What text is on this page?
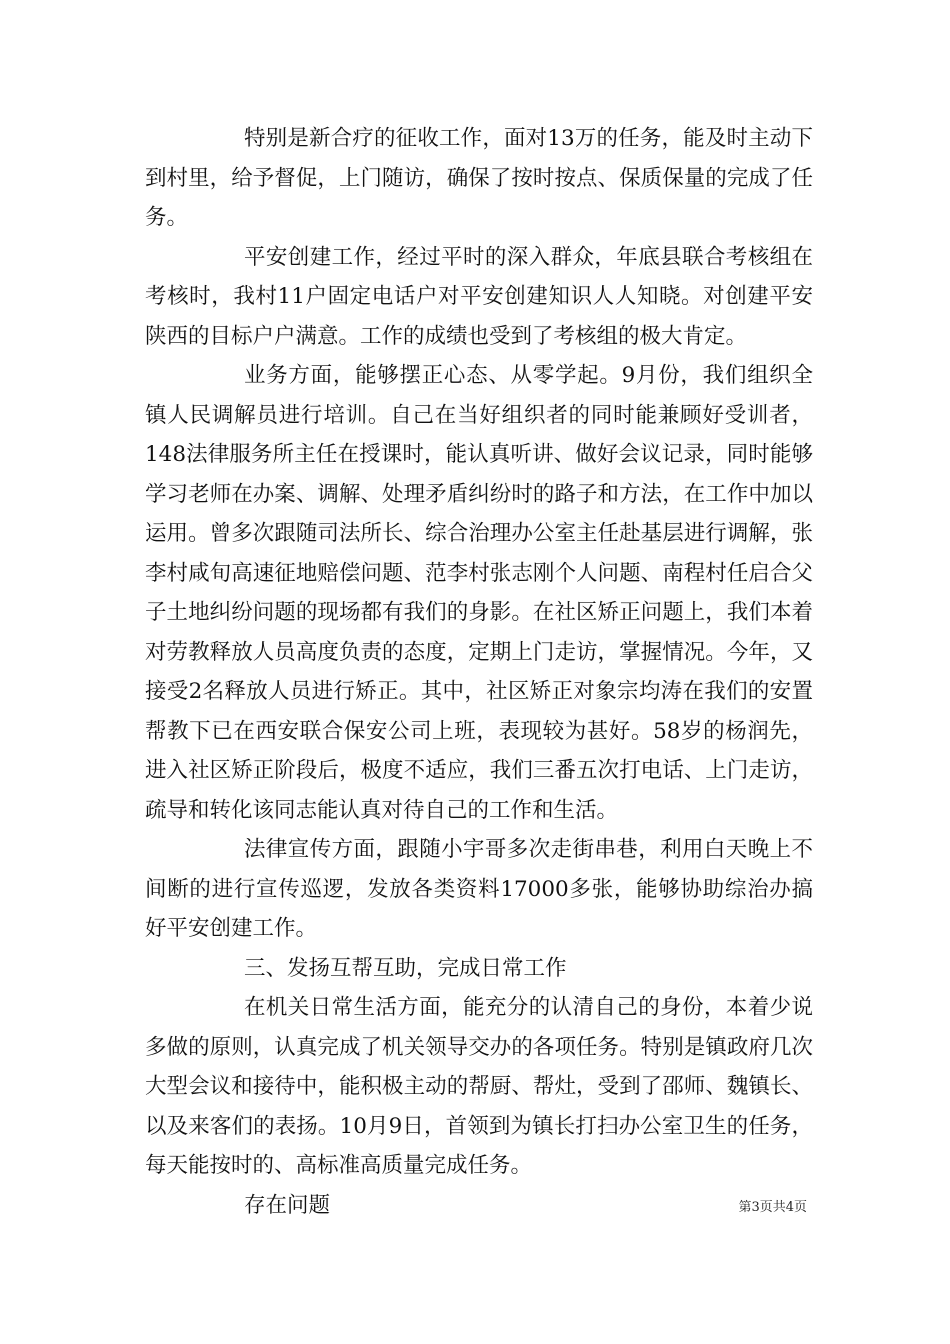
特别是新合疗的征收工作，面对13万的任务，能及时主动下到村里，给予督促，上门随访，确保了按时按点、保质保量的完成了任务。

平安创建工作，经过平时的深入群众，年底县联合考核组在考核时，我村11户固定电话户对平安创建知识人人知晓。对创建平安陕西的目标户户满意。工作的成绩也受到了考核组的极大肯定。

业务方面，能够摆正心态、从零学起。9月份，我们组织全镇人民调解员进行培训。自己在当好组织者的同时能兼顾好受训者，148法律服务所主任在授课时，能认真听讲、做好会议记录，同时能够学习老师在办案、调解、处理矛盾纠纷时的路子和方法，在工作中加以运用。曾多次跟随司法所长、综合治理办公室主任赴基层进行调解，张李村咸旬高速征地赔偿问题、范李村张志刚个人问题、南程村任启合父子土地纠纷问题的现场都有我们的身影。在社区矫正问题上，我们本着对劳教释放人员高度负责的态度，定期上门走访，掌握情况。今年，又接受2名释放人员进行矫正。其中，社区矫正对象宗均涛在我们的安置帮教下已在西安联合保安公司上班，表现较为甚好。58岁的杨润先，进入社区矫正阶段后，极度不适应，我们三番五次打电话、上门走访，疏导和转化该同志能认真对待自己的工作和生活。

法律宣传方面，跟随小宇哥多次走街串巷，利用白天晚上不间断的进行宣传巡逻，发放各类资料17000多张，能够协助综治办搞好平安创建工作。

三、发扬互帮互助，完成日常工作

在机关日常生活方面，能充分的认清自己的身份，本着少说多做的原则，认真完成了机关领导交办的各项任务。特别是镇政府几次大型会议和接待中，能积极主动的帮厨、帮灶，受到了邵师、魏镇长、以及来客们的表扬。10月9日，首领到为镇长打扫办公室卫生的任务，每天能按时的、高标准高质量完成任务。

存在问题	第3页共4页
